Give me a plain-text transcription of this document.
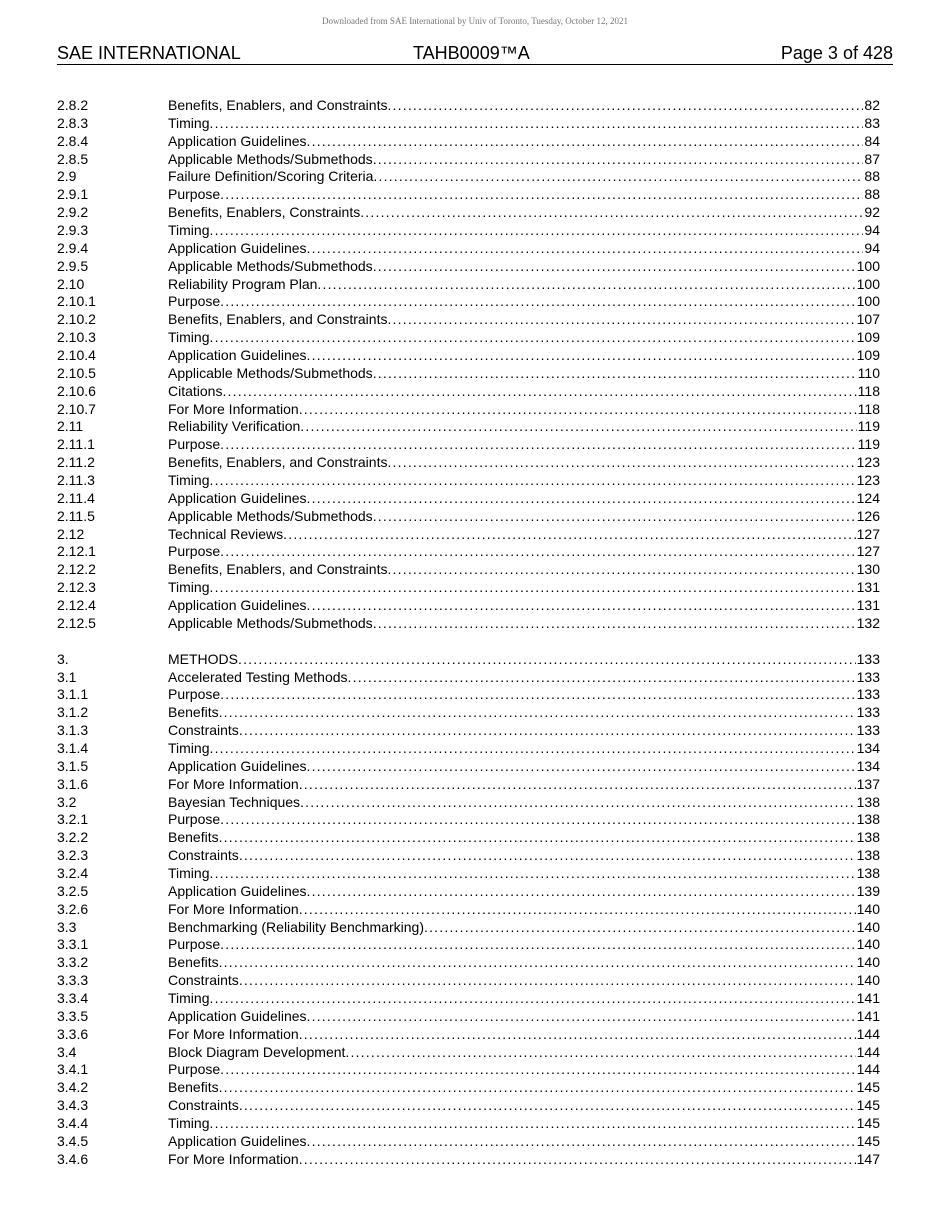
Downloaded from SAE International by Univ of Toronto, Tuesday, October 12, 2021
SAE INTERNATIONAL	TAHB0009™A	Page 3 of 428
2.8.2	Benefits, Enablers, and Constraints .....	82
2.8.3	Timing .....	83
2.8.4	Application Guidelines .....	84
2.8.5	Applicable Methods/Submethods .....	87
2.9	Failure Definition/Scoring Criteria .....	88
2.9.1	Purpose .....	88
2.9.2	Benefits, Enablers, Constraints .....	92
2.9.3	Timing .....	94
2.9.4	Application Guidelines .....	94
2.9.5	Applicable Methods/Submethods .....	100
2.10	Reliability Program Plan .....	100
2.10.1	Purpose .....	100
2.10.2	Benefits, Enablers, and Constraints .....	107
2.10.3	Timing .....	109
2.10.4	Application Guidelines .....	109
2.10.5	Applicable Methods/Submethods .....	110
2.10.6	Citations .....	118
2.10.7	For More Information .....	118
2.11	Reliability Verification .....	119
2.11.1	Purpose .....	119
2.11.2	Benefits, Enablers, and Constraints .....	123
2.11.3	Timing .....	123
2.11.4	Application Guidelines .....	124
2.11.5	Applicable Methods/Submethods .....	126
2.12	Technical Reviews .....	127
2.12.1	Purpose .....	127
2.12.2	Benefits, Enablers, and Constraints .....	130
2.12.3	Timing .....	131
2.12.4	Application Guidelines .....	131
2.12.5	Applicable Methods/Submethods .....	132
3.	METHODS .....	133
3.1	Accelerated Testing Methods .....	133
3.1.1	Purpose .....	133
3.1.2	Benefits .....	133
3.1.3	Constraints .....	133
3.1.4	Timing .....	134
3.1.5	Application Guidelines .....	134
3.1.6	For More Information .....	137
3.2	Bayesian Techniques .....	138
3.2.1	Purpose .....	138
3.2.2	Benefits .....	138
3.2.3	Constraints .....	138
3.2.4	Timing .....	138
3.2.5	Application Guidelines .....	139
3.2.6	For More Information .....	140
3.3	Benchmarking (Reliability Benchmarking) .....	140
3.3.1	Purpose .....	140
3.3.2	Benefits .....	140
3.3.3	Constraints .....	140
3.3.4	Timing .....	141
3.3.5	Application Guidelines .....	141
3.3.6	For More Information .....	144
3.4	Block Diagram Development .....	144
3.4.1	Purpose .....	144
3.4.2	Benefits .....	145
3.4.3	Constraints .....	145
3.4.4	Timing .....	145
3.4.5	Application Guidelines .....	145
3.4.6	For More Information .....	147
